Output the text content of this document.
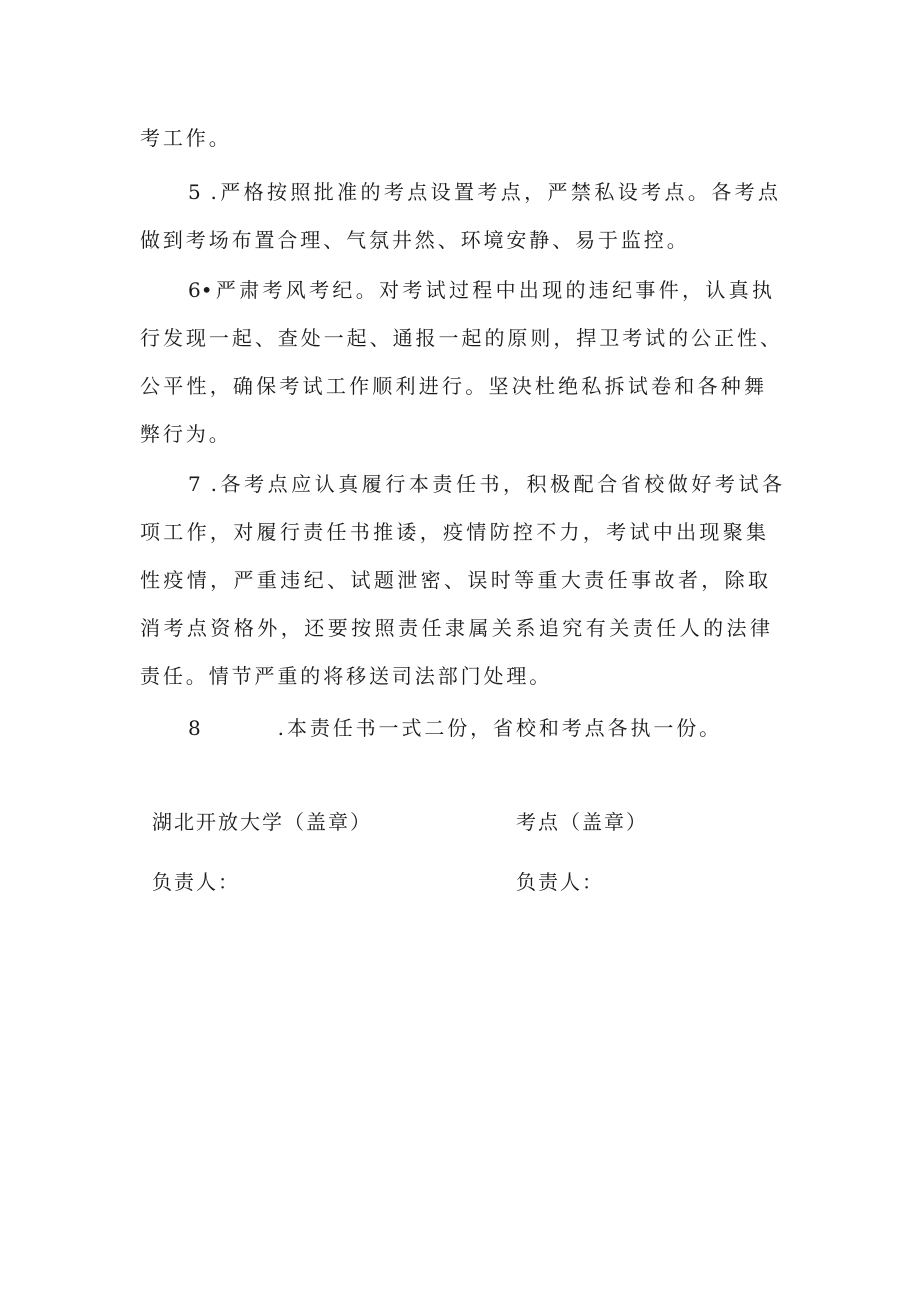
考工作。
5 .严格按照批准的考点设置考点，严禁私设考点。各考点
做到考场布置合理、气氛井然、环境安静、易于监控。
6•严肃考风考纪。对考试过程中出现的违纪事件，认真执
行发现一起、查处一起、通报一起的原则，捍卫考试的公正性、
公平性，确保考试工作顺利进行。坚决杜绝私拆试卷和各种舞
弊行为。
7 .各考点应认真履行本责任书，积极配合省校做好考试各
项工作，对履行责任书推诿，疫情防控不力，考试中出现聚集
性疫情，严重违纪、试题泄密、误时等重大责任事故者，除取
消考点资格外，还要按照责任隶属关系追究有关责任人的法律
责任。情节严重的将移送司法部门处理。
8        .本责任书一式二份，省校和考点各执一份。
湖北开放大学（盖章）	考点（盖章）
负责人：	负责人：
